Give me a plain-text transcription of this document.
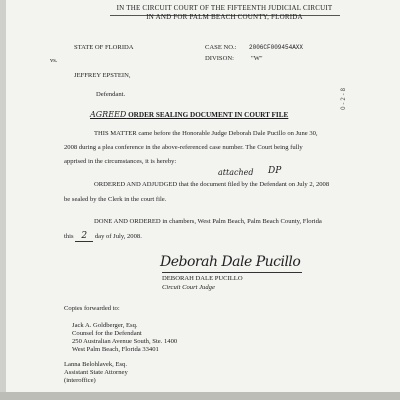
IN THE CIRCUIT COURT OF THE FIFTEENTH JUDICIAL CIRCUIT
IN AND FOR PALM BEACH COUNTY, FLORIDA
STATE OF FLORIDA
vs.
JEFFREY EPSTEIN,
Defendant.
CASE NO.: 2006CF009454AXX
DIVISON:	"W"
O-2-8
AGREED ORDER SEALING DOCUMENT IN COURT FILE
THIS MATTER came before the Honorable Judge Deborah Dale Pucillo on June 30,
2008 during a plea conference in the above-referenced case number. The Court being fully
apprised in the circumstances, it is hereby:
attached DP
ORDERED AND ADJUDGED that the document filed by the Defendant on July 2, 2008
be sealed by the Clerk in the court file.
DONE AND ORDERED in chambers, West Palm Beach, Palm Beach County, Florida
this 2 day of July, 2008.
Deborah Dale Pucillo
DEBORAH DALE PUCILLO
Circuit Court Judge
Copies forwarded to:
Jack A. Goldberger, Esq.
Counsel for the Defendant
250 Australian Avenue South, Ste. 1400
West Palm Beach, Florida 33401
Lanna Belohlavek, Esq.
Assistant State Attorney
(interoffice)
